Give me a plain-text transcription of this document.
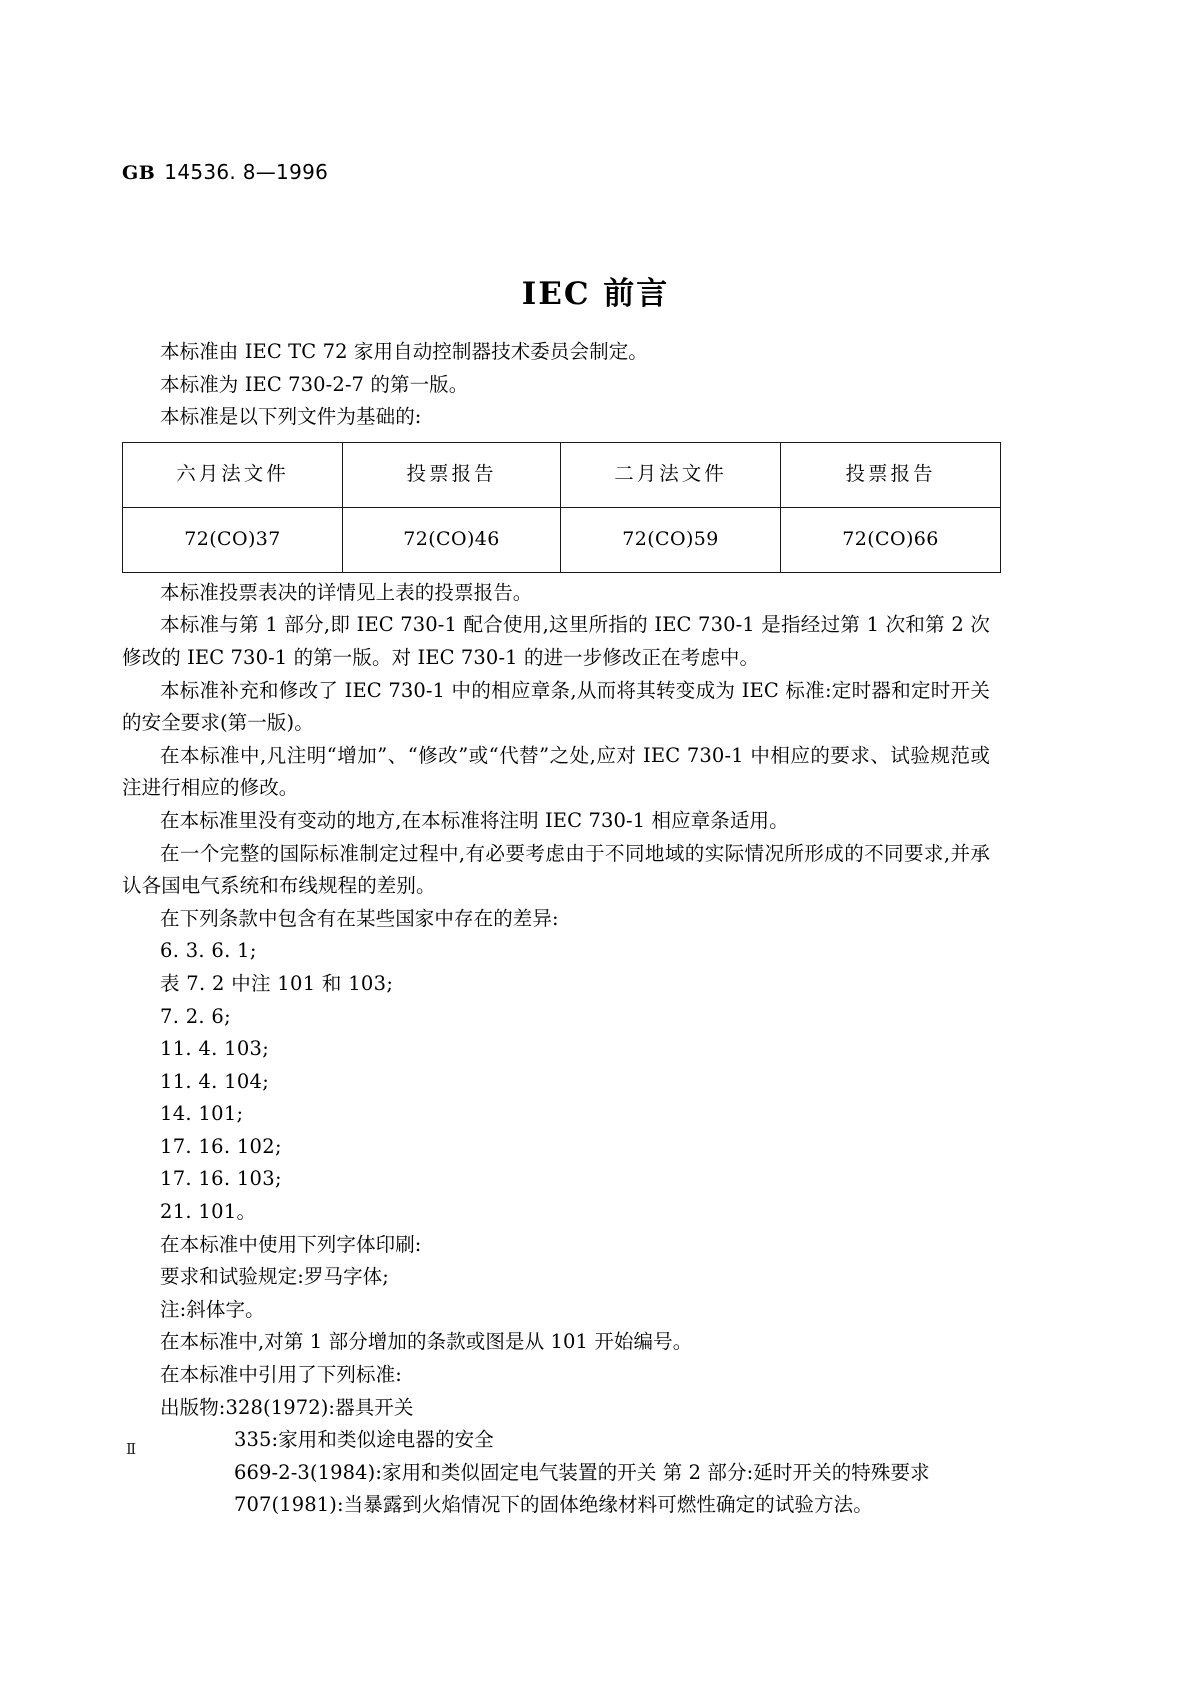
GB 14536. 8—1996
IEC 前言

本标准由 IEC TC 72 家用自动控制器技术委员会制定。

本标准为 IEC 730-2-7 的第一版。

本标准是以下列文件为基础的:

六月法文件	投票报告	二月法文件	投票报告
72(CO)37	72(CO)46	72(CO)59	72(CO)66

本标准投票表决的详情见上表的投票报告。

本标准与第 1 部分,即 IEC 730-1 配合使用,这里所指的 IEC 730-1 是指经过第 1 次和第 2 次修改的 IEC 730-1 的第一版。对 IEC 730-1 的进一步修改正在考虑中。

本标准补充和修改了 IEC 730-1 中的相应章条,从而将其转变成为 IEC 标准:定时器和定时开关的安全要求(第一版)。

在本标准中,凡注明“增加”、“修改”或“代替”之处,应对 IEC 730-1 中相应的要求、试验规范或注进行相应的修改。

在本标准里没有变动的地方,在本标准将注明 IEC 730-1 相应章条适用。

在一个完整的国际标准制定过程中,有必要考虑由于不同地域的实际情况所形成的不同要求,并承认各国电气系统和布线规程的差别。

在下列条款中包含有在某些国家中存在的差异:

6. 3. 6. 1;

表 7. 2 中注 101 和 103;

7. 2. 6;

11. 4. 103;

11. 4. 104;

14. 101;

17. 16. 102;

17. 16. 103;

21. 101。

在本标准中使用下列字体印刷:

要求和试验规定:罗马字体;

注:斜体字。

在本标准中,对第 1 部分增加的条款或图是从 101 开始编号。

在本标准中引用了下列标准:

出版物:328(1972):器具开关

335:家用和类似途电器的安全

669-2-3(1984):家用和类似固定电气装置的开关 第 2 部分:延时开关的特殊要求

707(1981):当暴露到火焰情况下的固体绝缘材料可燃性确定的试验方法。

Ⅱ
